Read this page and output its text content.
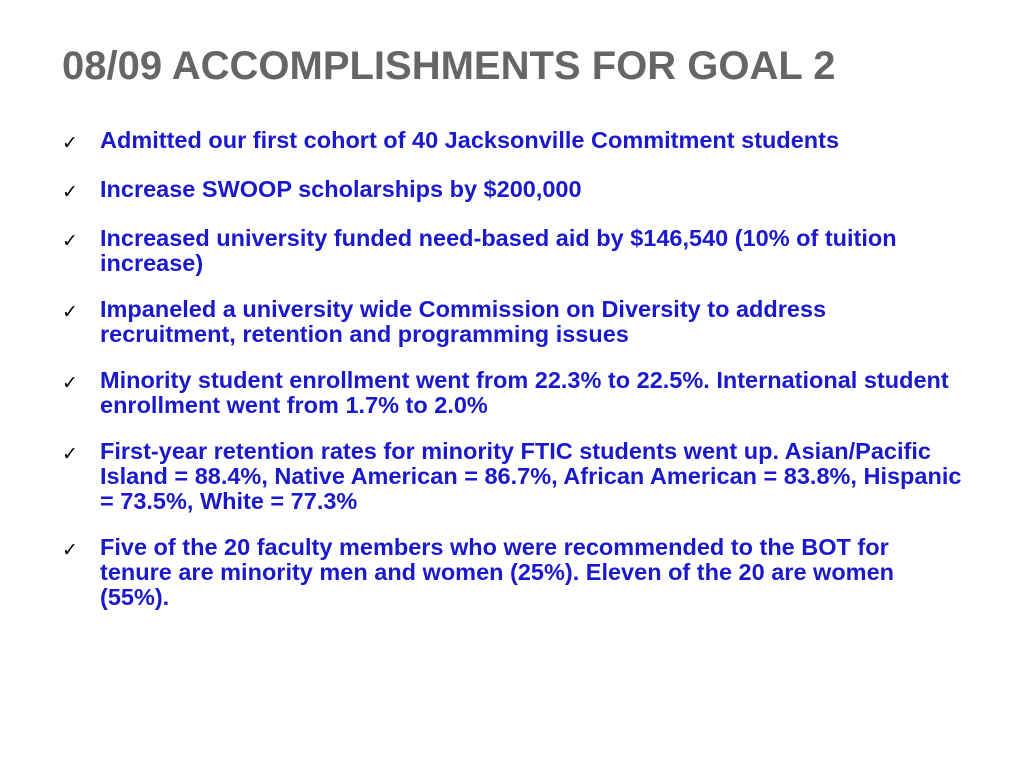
08/09 ACCOMPLISHMENTS FOR GOAL 2
✓ Admitted our first cohort of 40 Jacksonville Commitment students
✓ Increase SWOOP scholarships by $200,000
✓ Increased university funded need-based aid by $146,540 (10% of tuition increase)
✓ Impaneled a university wide Commission on Diversity to address recruitment, retention and programming issues
✓ Minority student enrollment went from 22.3% to 22.5%. International student enrollment went from 1.7% to 2.0%
✓ First-year retention rates for minority FTIC students went up. Asian/Pacific Island = 88.4%, Native American = 86.7%, African American = 83.8%, Hispanic = 73.5%, White = 77.3%
✓ Five of the 20 faculty members who were recommended to the BOT for tenure are minority men and women (25%). Eleven of the 20 are women (55%).
